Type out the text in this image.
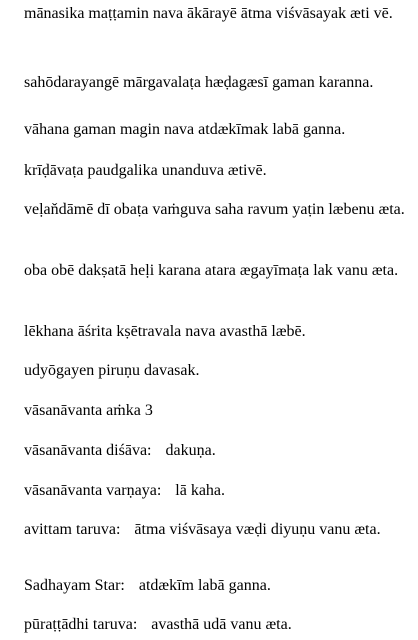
mānasika maṭṭamin nava ākārayē ātma viśvāsayak æti vē.

sahōdarayangē mārgavalaṭa hæḍagæsī gaman karanna.

vāhana gaman magin nava atdækīmak labā ganna.

krīḍāvaṭa paudgalika unanduva ætivē.

veḷaňdāmē dī obaṭa vaṁguva saha ravum yaṭin læbenu æta.

oba obē dakṣatā heḷi karana atara ægayīmaṭa lak vanu æta.

lēkhana āśrita kṣētravala nava avasthā læbē.

udyōgayen piruṇu davasak.

vāsanāvanta aṁka 3

vāsanāvanta diśāva: dakuṇa.

vāsanāvanta varṇaya: lā kaha.

avittam taruva: ātma viśvāsaya væḍi diyuṇu vanu æta.

Sadhayam Star: atdækīm labā ganna.

pūraṭṭādhi taruva: avasthā udā vanu æta.
